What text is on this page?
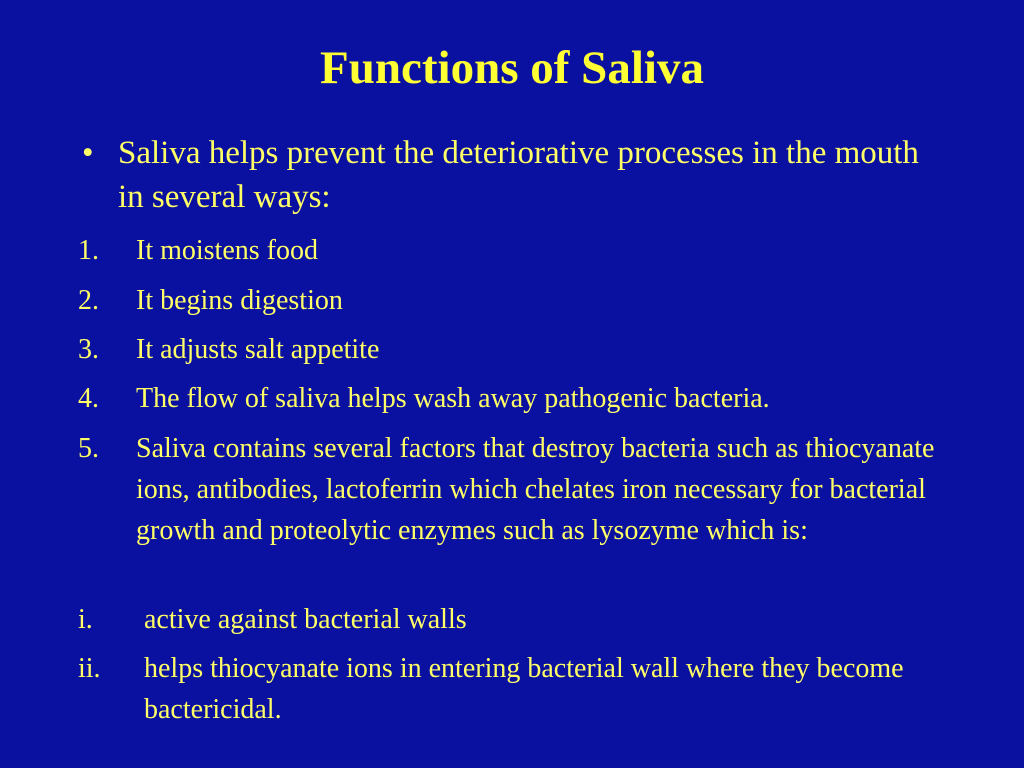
Functions of Saliva
• Saliva helps prevent the deteriorative processes in the mouth in several ways:
1.	It moistens food
2.	It begins digestion
3.	It adjusts salt appetite
4.	The flow of saliva helps wash away pathogenic bacteria.
5.	Saliva contains several factors that destroy bacteria such as thiocyanate ions, antibodies, lactoferrin which chelates iron necessary for bacterial growth and proteolytic enzymes such as lysozyme which is:
i.	active against bacterial walls
ii.	helps thiocyanate ions in entering bacterial wall where they become bactericidal.
